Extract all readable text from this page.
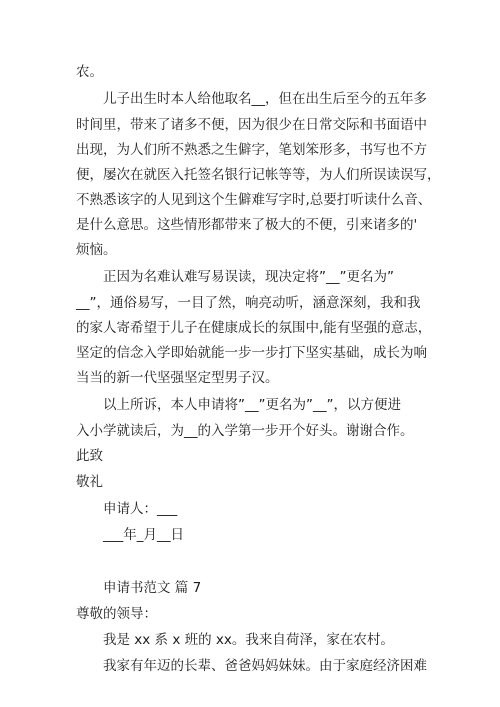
农。
儿子出生时本人给他取名__，但在出生后至今的五年多
时间里，带来了诸多不便，因为很少在日常交际和书面语中
出现，为人们所不熟悉之生僻字，笔划笨形多，书写也不方
便，屡次在就医入托签名银行记帐等等，为人们所误读误写，
不熟悉该字的人见到这个生僻难写字时,总要打听读什么音、
是什么意思。这些情形都带来了极大的不便，引来诸多的'
烦恼。
正因为名难认难写易误读，现决定将”__”更名为”
__”，通俗易写，一目了然，响亮动听，涵意深刻，我和我
的家人寄希望于儿子在健康成长的氛围中,能有坚强的意志，
坚定的信念入学即始就能一步一步打下坚实基础，成长为响
当当的新一代坚强坚定型男子汉。
以上所诉，本人申请将”__”更名为”__”，以方便进
入小学就读后，为__的入学第一步开个好头。谢谢合作。
此致
敬礼
申请人：___
___年_月__日
申请书范文 篇 7
尊敬的领导：
我是 xx 系 x 班的 xx。我来自荷泽，家在农村。
我家有年迈的长辈、爸爸妈妈妹妹。由于家庭经济困难
